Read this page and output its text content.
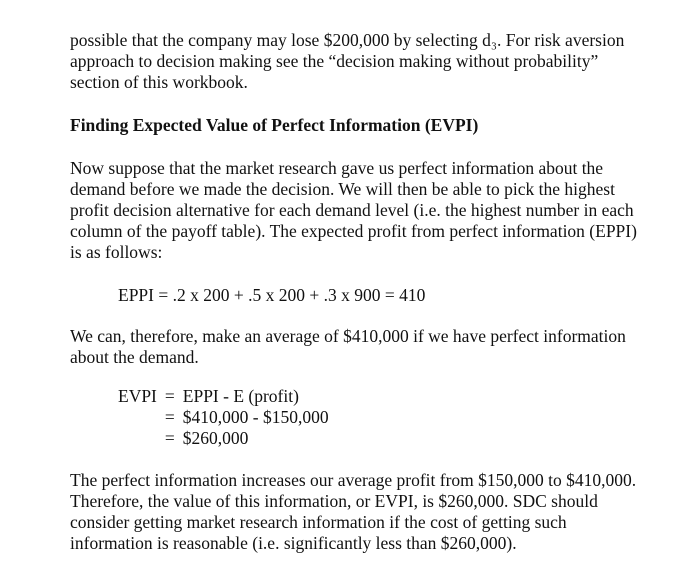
possible that the company may lose $200,000 by selecting d₃. For risk aversion
approach to decision making see the “decision making without probability”
section of this workbook.
Finding Expected Value of Perfect Information (EVPI)
Now suppose that the market research gave us perfect information about the
demand before we made the decision. We will then be able to pick the highest
profit decision alternative for each demand level (i.e. the highest number in each
column of the payoff table). The expected profit from perfect information (EPPI)
is as follows:
EPPI = .2 x 200 + .5 x 200 + .3 x 900 = 410
We can, therefore, make an average of $410,000 if we have perfect information
about the demand.
EVPI = EPPI - E (profit)
= $410,000 - $150,000
= $260,000
The perfect information increases our average profit from $150,000 to $410,000.
Therefore, the value of this information, or EVPI, is $260,000. SDC should
consider getting market research information if the cost of getting such
information is reasonable (i.e. significantly less than $260,000).
